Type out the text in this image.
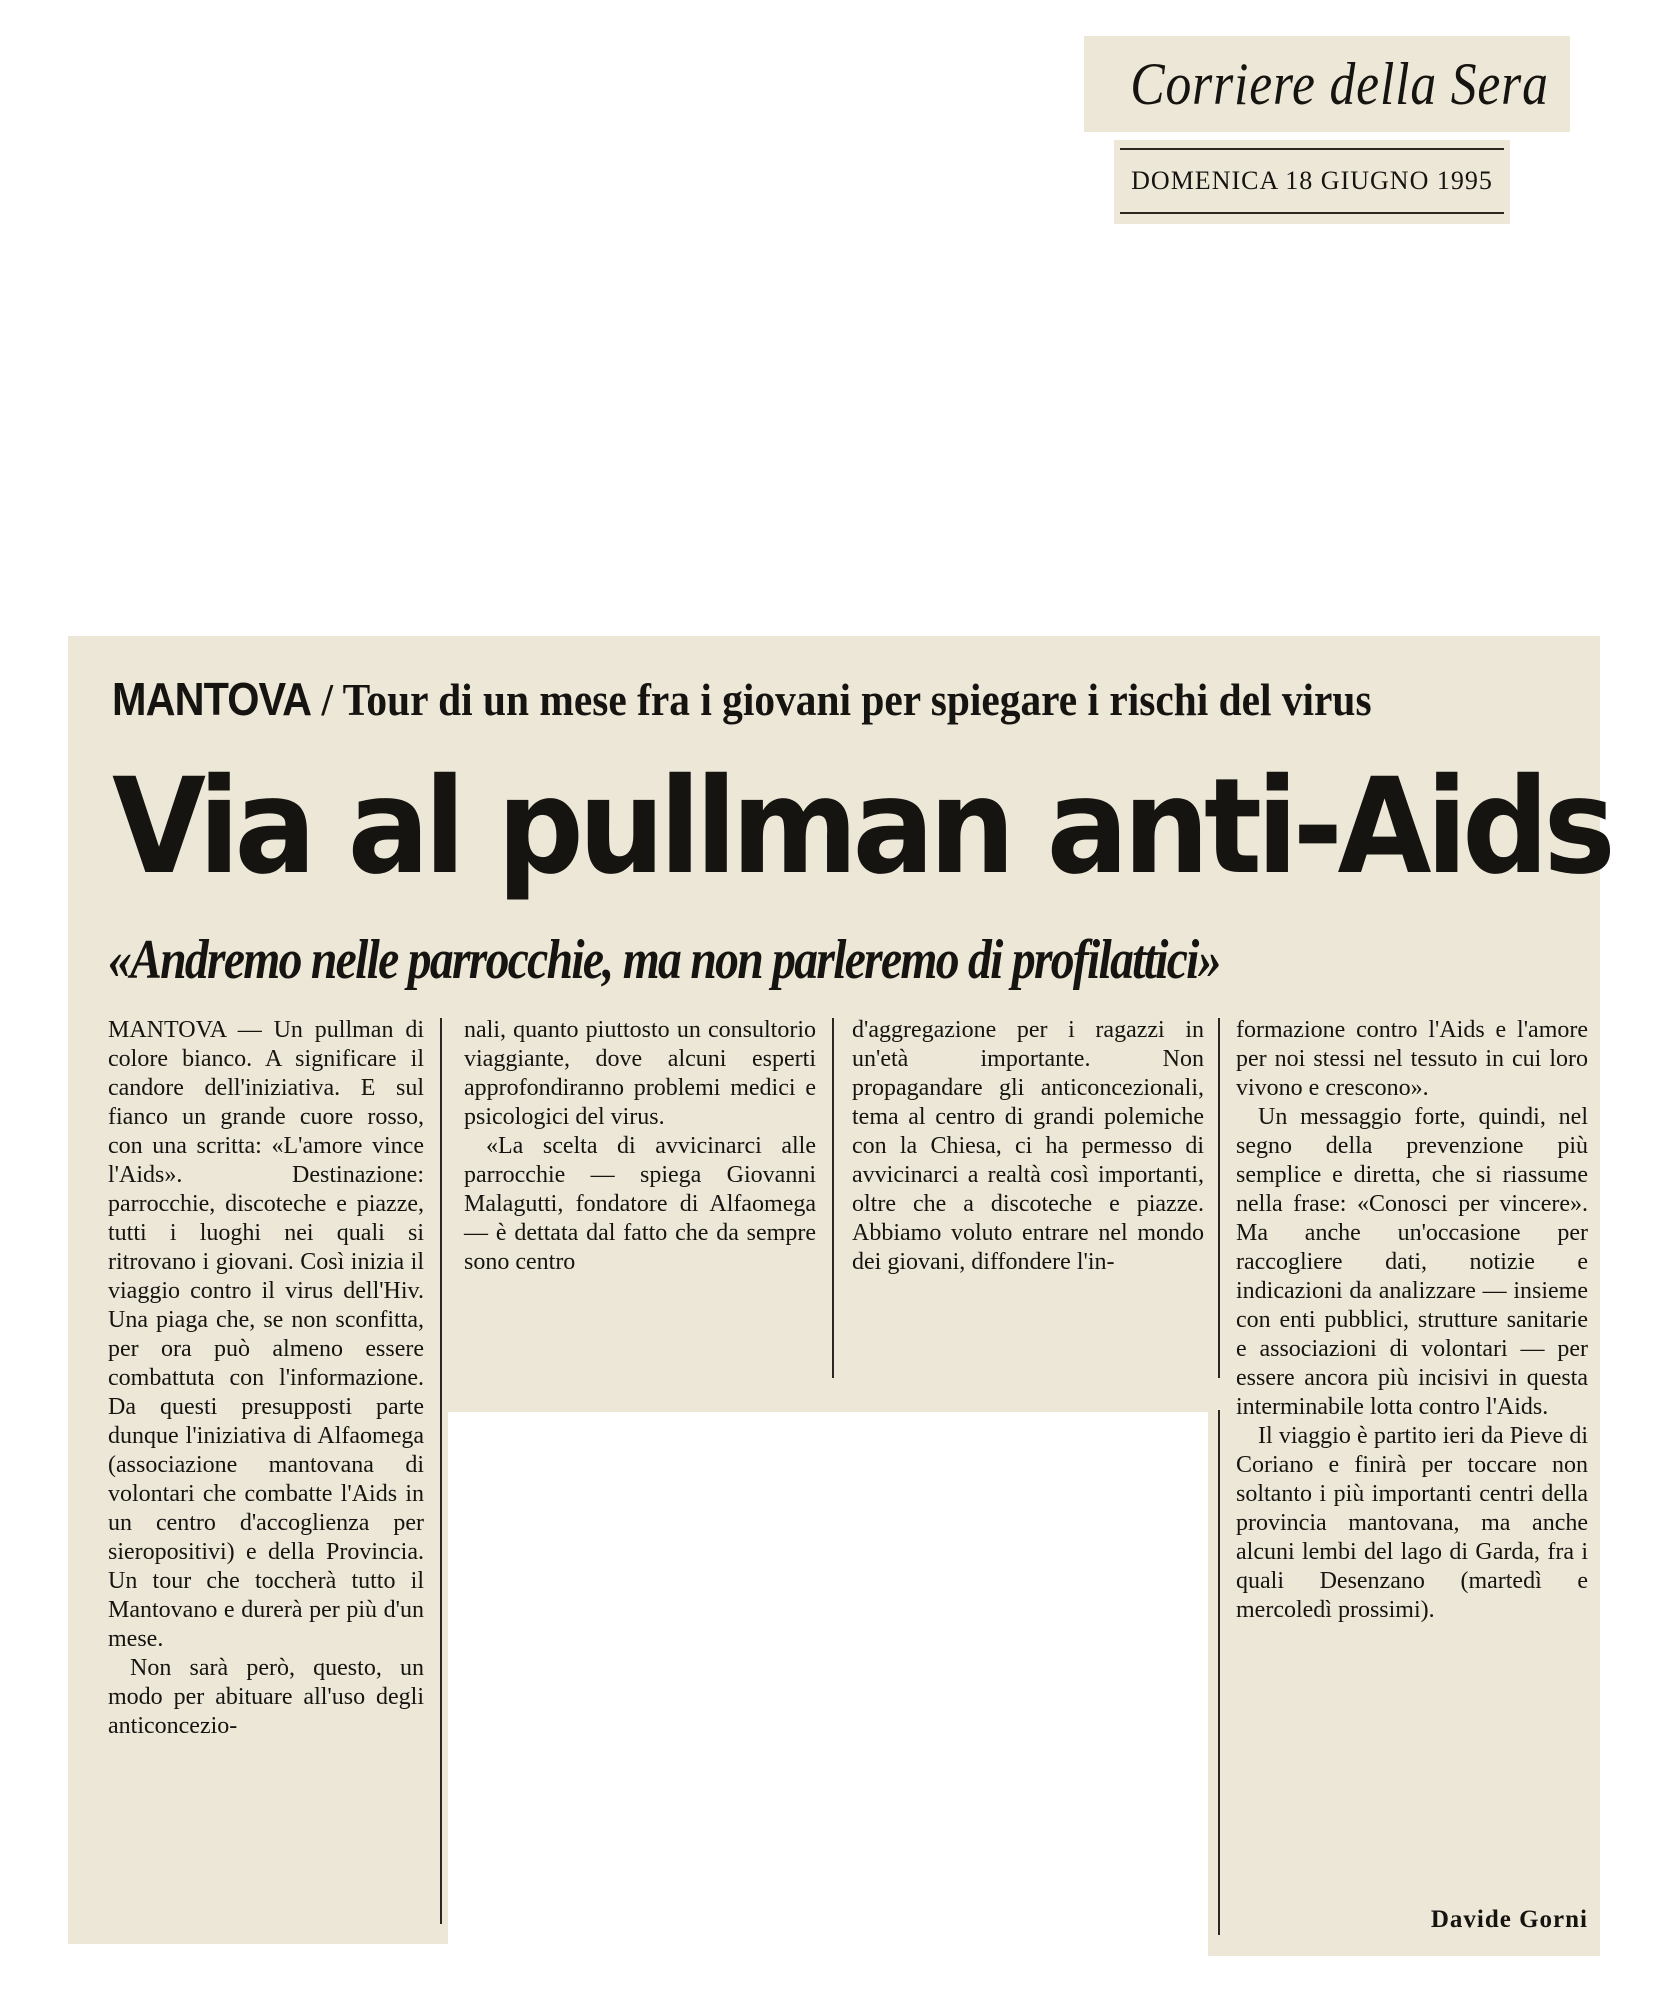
Corriere della Sera
DOMENICA 18 GIUGNO 1995
MANTOVA / Tour di un mese fra i giovani per spiegare i rischi del virus
Via al pullman anti-Aids
«Andremo nelle parrocchie, ma non parleremo di profilattici»

MANTOVA — Un pullman di colore bianco. A significare il candore dell'iniziativa. E sul fianco un grande cuore rosso, con una scritta: «L'amore vince l'Aids». Destinazione: parrocchie, discoteche e piazze, tutti i luoghi nei quali si ritrovano i giovani. Così inizia il viaggio contro il virus dell'Hiv. Una piaga che, se non sconfitta, per ora può almeno essere combattuta con l'informazione. Da questi presupposti parte dunque l'iniziativa di Alfaomega (associazione mantovana di volontari che combatte l'Aids in un centro d'accoglienza per sieropositivi) e della Provincia. Un tour che toccherà tutto il Mantovano e durerà per più d'un mese.

Non sarà però, questo, un modo per abituare all'uso degli anticoncezio-

nali, quanto piuttosto un consultorio viaggiante, dove alcuni esperti approfondiranno problemi medici e psicologici del virus.

«La scelta di avvicinarci alle parrocchie — spiega Giovanni Malagutti, fondatore di Alfaomega — è dettata dal fatto che da sempre sono centro

d'aggregazione per i ragazzi in un'età importante. Non propagandare gli anticoncezionali, tema al centro di grandi polemiche con la Chiesa, ci ha permesso di avvicinarci a realtà così importanti, oltre che a discoteche e piazze. Abbiamo voluto entrare nel mondo dei giovani, diffondere l'in-

formazione contro l'Aids e l'amore per noi stessi nel tessuto in cui loro vivono e crescono».

Un messaggio forte, quindi, nel segno della prevenzione più semplice e diretta, che si riassume nella frase: «Conosci per vincere». Ma anche un'occasione per raccogliere dati, notizie e indicazioni da analizzare — insieme con enti pubblici, strutture sanitarie e associazioni di volontari — per essere ancora più incisivi in questa interminabile lotta contro l'Aids.

Il viaggio è partito ieri da Pieve di Coriano e finirà per toccare non soltanto i più importanti centri della provincia mantovana, ma anche alcuni lembi del lago di Garda, fra i quali Desenzano (martedì e mercoledì prossimi).

Davide Gorni
